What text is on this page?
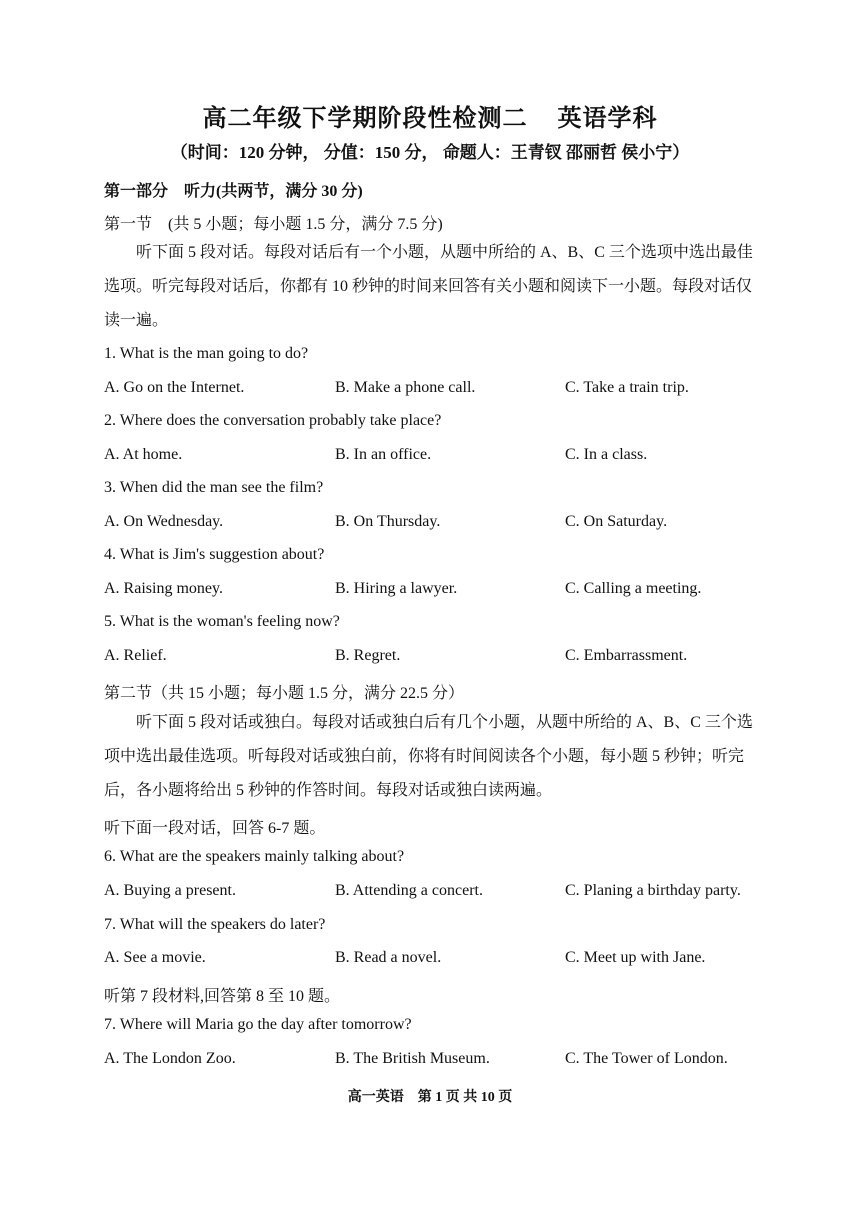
高二年级下学期阶段性检测二 英语学科
（时间：120 分钟， 分值：150 分， 命题人：王青钗 邵丽哲 侯小宁）
第一部分　听力(共两节，满分 30 分)
第一节　(共 5 小题；每小题 1.5 分，满分 7.5 分)
听下面 5 段对话。每段对话后有一个小题，从题中所给的 A、B、C 三个选项中选出最佳选项。听完每段对话后，你都有 10 秒钟的时间来回答有关小题和阅读下一小题。每段对话仅读一遍。
1. What is the man going to do?
A. Go on the Internet.	B. Make a phone call.	C. Take a train trip.
2. Where does the conversation probably take place?
A. At home.	B. In an office.	C. In a class.
3. When did the man see the film?
A. On Wednesday.	B. On Thursday.	C. On Saturday.
4. What is Jim's suggestion about?
A. Raising money.	B. Hiring a lawyer.	C. Calling a meeting.
5. What is the woman's feeling now?
A. Relief.	B. Regret.	C. Embarrassment.
第二节（共 15 小题；每小题 1.5 分，满分 22.5 分）
听下面 5 段对话或独白。每段对话或独白后有几个小题，从题中所给的 A、B、C 三个选项中选出最佳选项。听每段对话或独白前，你将有时间阅读各个小题，每小题 5 秒钟；听完后，各小题将给出 5 秒钟的作答时间。每段对话或独白读两遍。
听下面一段对话，回答 6-7 题。
6. What are the speakers mainly talking about?
A. Buying a present.	B. Attending a concert.	C. Planing a birthday party.
7. What will the speakers do later?
A. See a movie.	B. Read a novel.	C. Meet up with Jane.
听第 7 段材料,回答第 8 至 10 题。
7. Where will Maria go the day after tomorrow?
A. The London Zoo.	B. The British Museum.	C. The Tower of London.
高一英语　第 1 页 共 10 页
